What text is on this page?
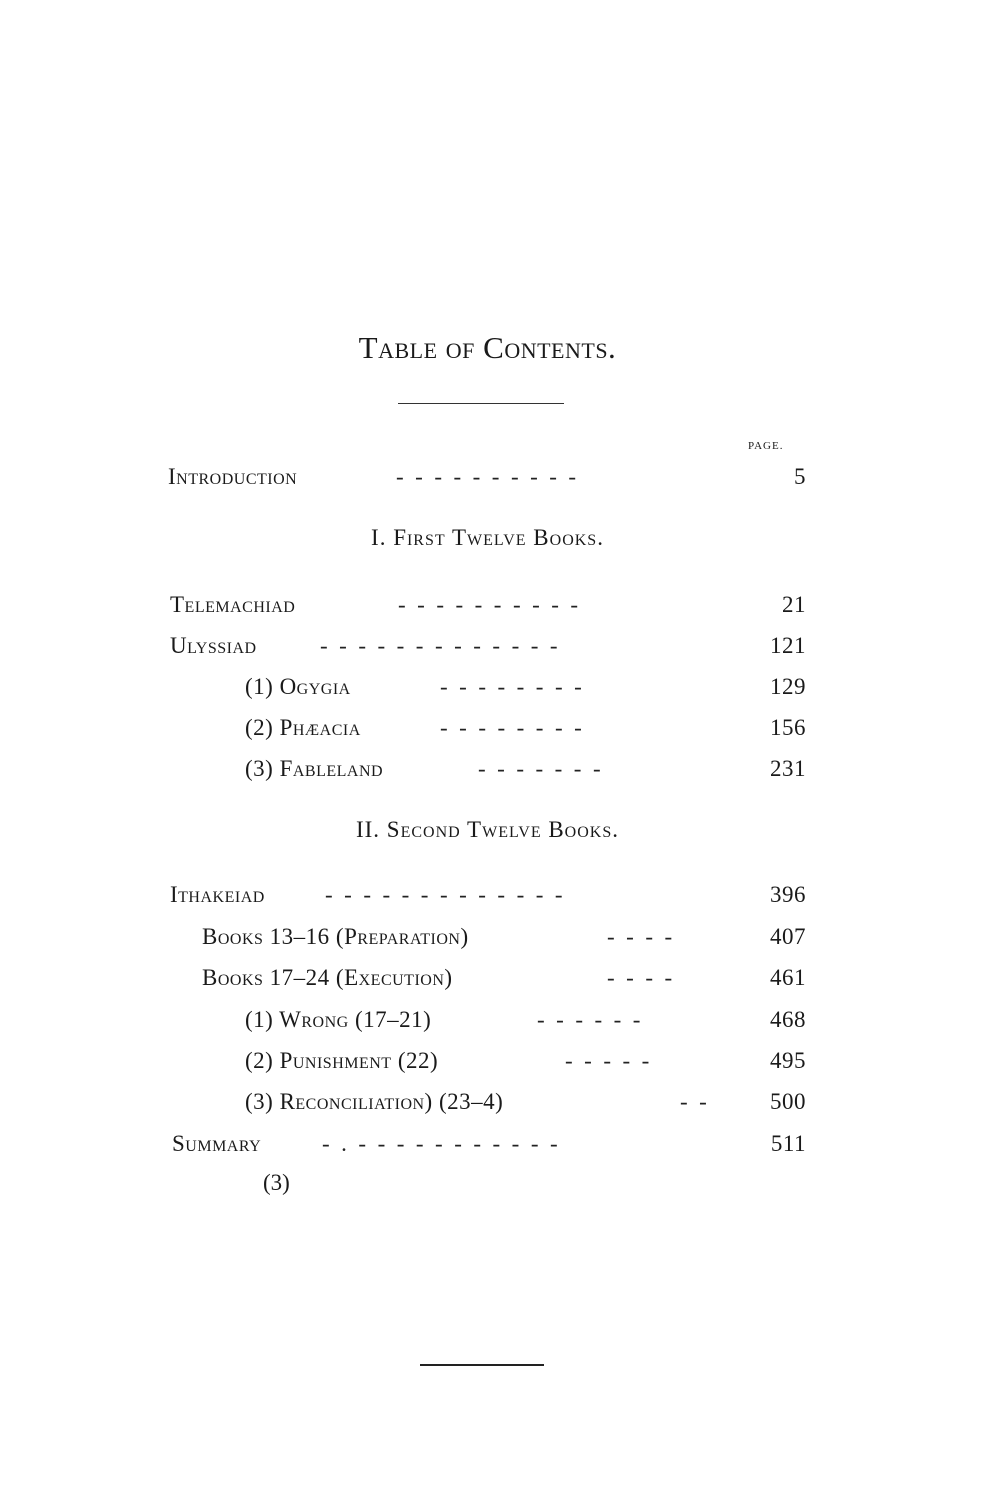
Table of Contents.
PAGE.
Introduction	-  -  -  -  -  -  -  -  -  -	5
I. First Twelve Books.
Telemachiad	-  -  -  -  -  -  -  -  -  -	21
Ulyssiad	-  -  -  -  -  -  -  -  -  -  -  -  -	121
(1) Ogygia	-  -  -  -  -  -  -  -	129
(2) Phæacia	-  -  -  -  -  -  -  -	156
(3) Fableland	-  -  -  -  -  -  -	231
II. Second Twelve Books.
Ithakeiad	-  -  -  -  -  -  -  -  -  -  -  -  -	396
Books 13–16 (Preparation)	-  -  -  -	407
Books 17–24 (Execution)	-  -  -  -	461
(1) Wrong (17–21)	-  -  -  -  -  -	468
(2) Punishment (22)	-  -  -  -  -	495
(3) Reconciliation) (23–4)	-  -	500
Summary	-  .  -  -  -  -  -  -  -  -  -  -  -	511
(3)
